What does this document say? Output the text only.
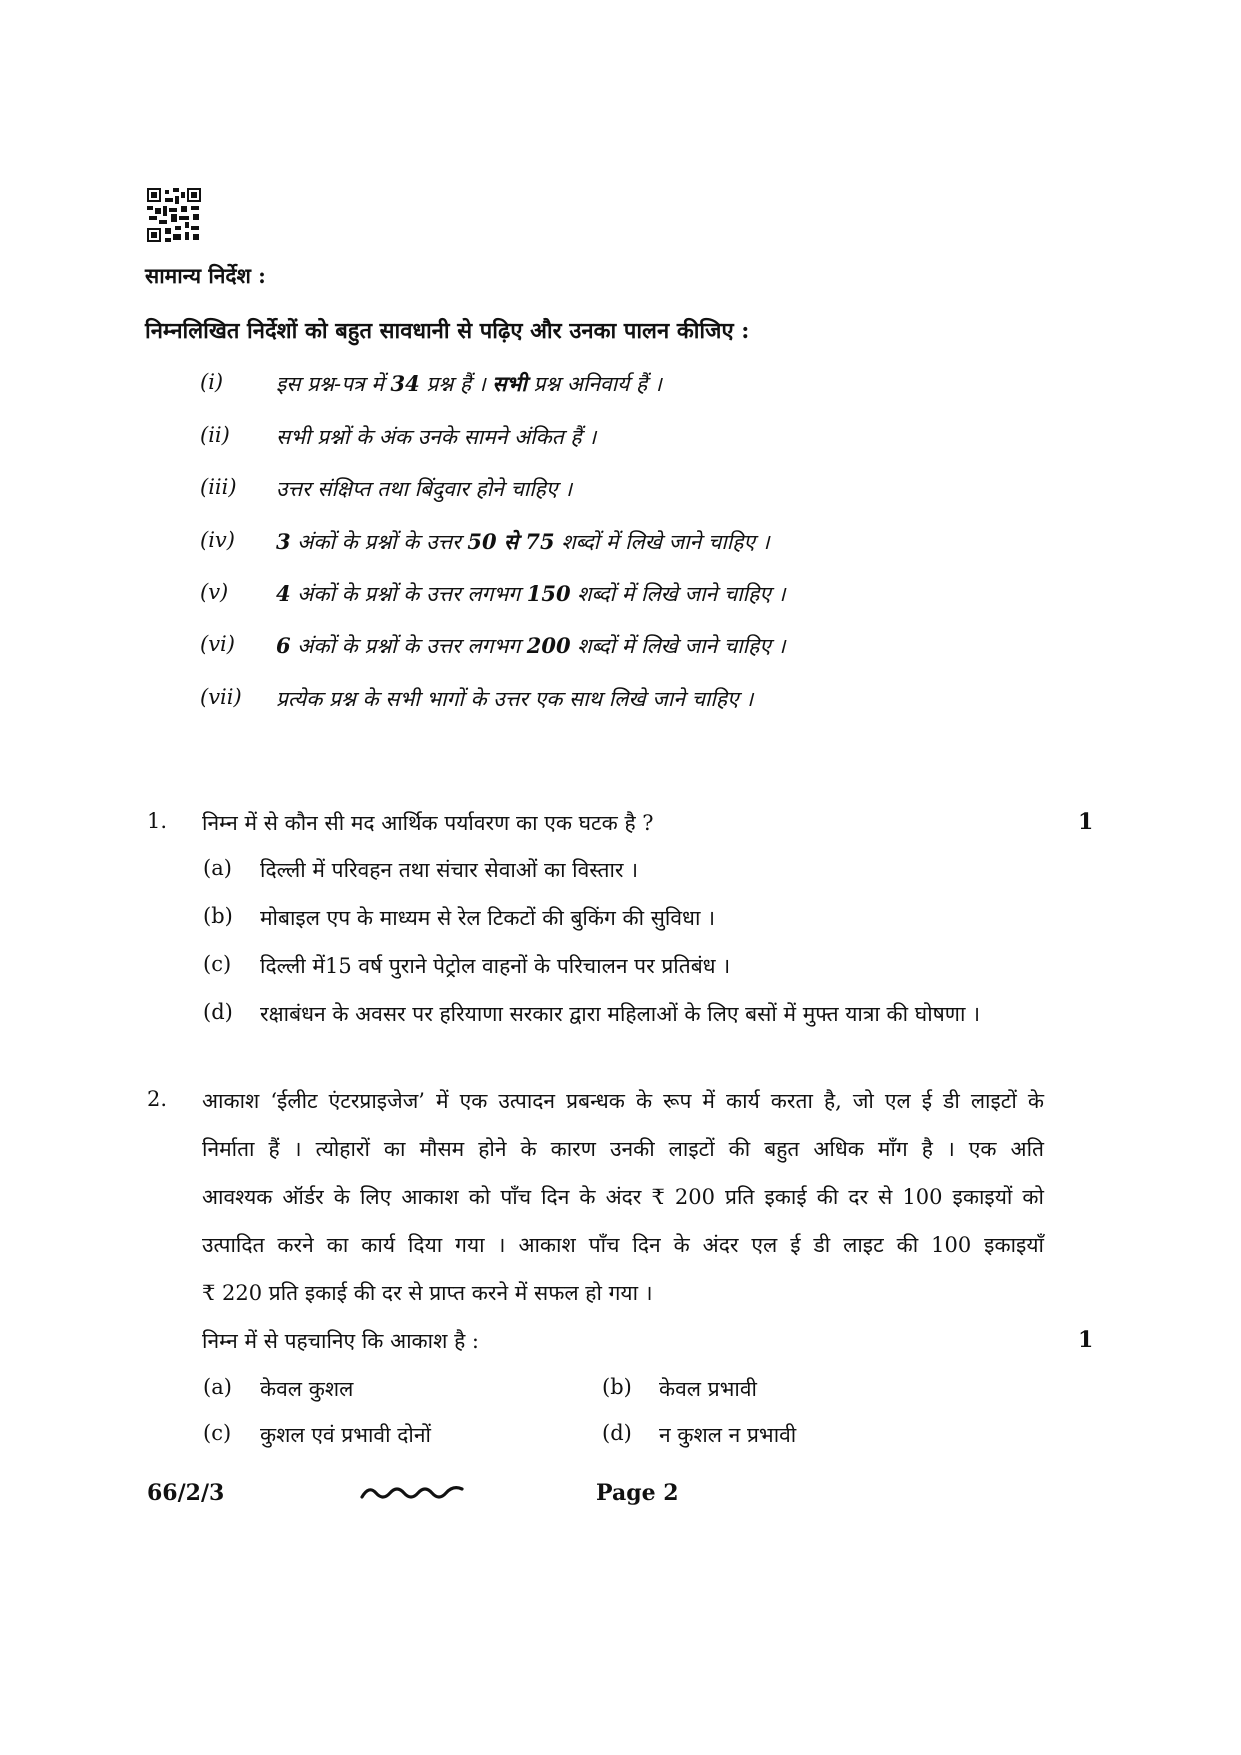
सामान्य निर्देश :
निम्नलिखित निर्देशों को बहुत सावधानी से पढ़िए और उनका पालन कीजिए :
(i)	इस प्रश्न-पत्र में 34 प्रश्न हैं । सभी प्रश्न अनिवार्य हैं ।
(ii) सभी प्रश्नों के अंक उनके सामने अंकित हैं ।
(iii) उत्तर संक्षिप्त तथा बिंदुवार होने चाहिए ।
(iv) 3 अंकों के प्रश्नों के उत्तर 50 से 75 शब्दों में लिखे जाने चाहिए ।
(v) 4 अंकों के प्रश्नों के उत्तर लगभग 150 शब्दों में लिखे जाने चाहिए ।
(vi) 6 अंकों के प्रश्नों के उत्तर लगभग 200 शब्दों में लिखे जाने चाहिए ।
(vii) प्रत्येक प्रश्न के सभी भागों के उत्तर एक साथ लिखे जाने चाहिए ।
1. निम्न में से कौन सी मद आर्थिक पर्यावरण का एक घटक है ?	1
(a) दिल्ली में परिवहन तथा संचार सेवाओं का विस्तार ।
(b) मोबाइल एप के माध्यम से रेल टिकटों की बुकिंग की सुविधा ।
(c) दिल्ली में15 वर्ष पुराने पेट्रोल वाहनों के परिचालन पर प्रतिबंध ।
(d) रक्षाबंधन के अवसर पर हरियाणा सरकार द्वारा महिलाओं के लिए बसों में मुफ्त यात्रा की घोषणा ।
2. आकाश ‘ईलीट एंटरप्राइजेज’ में एक उत्पादन प्रबन्धक के रूप में कार्य करता है, जो एल ई डी लाइटों के
निर्माता हैं । त्योहारों का मौसम होने के कारण उनकी लाइटों की बहुत अधिक माँग है । एक अति
आवश्यक ऑर्डर के लिए आकाश को पाँच दिन के अंदर ₹ 200 प्रति इकाई की दर से 100 इकाइयों को
उत्पादित करने का कार्य दिया गया । आकाश पाँच दिन के अंदर एल ई डी लाइट की 100 इकाइयाँ
₹ 220 प्रति इकाई की दर से प्राप्त करने में सफल हो गया ।
निम्न में से पहचानिए कि आकाश है :	1
(a) केवल कुशल	(b) केवल प्रभावी
(c) कुशल एवं प्रभावी दोनों	(d) न कुशल न प्रभावी
66/2/3	Page 2
